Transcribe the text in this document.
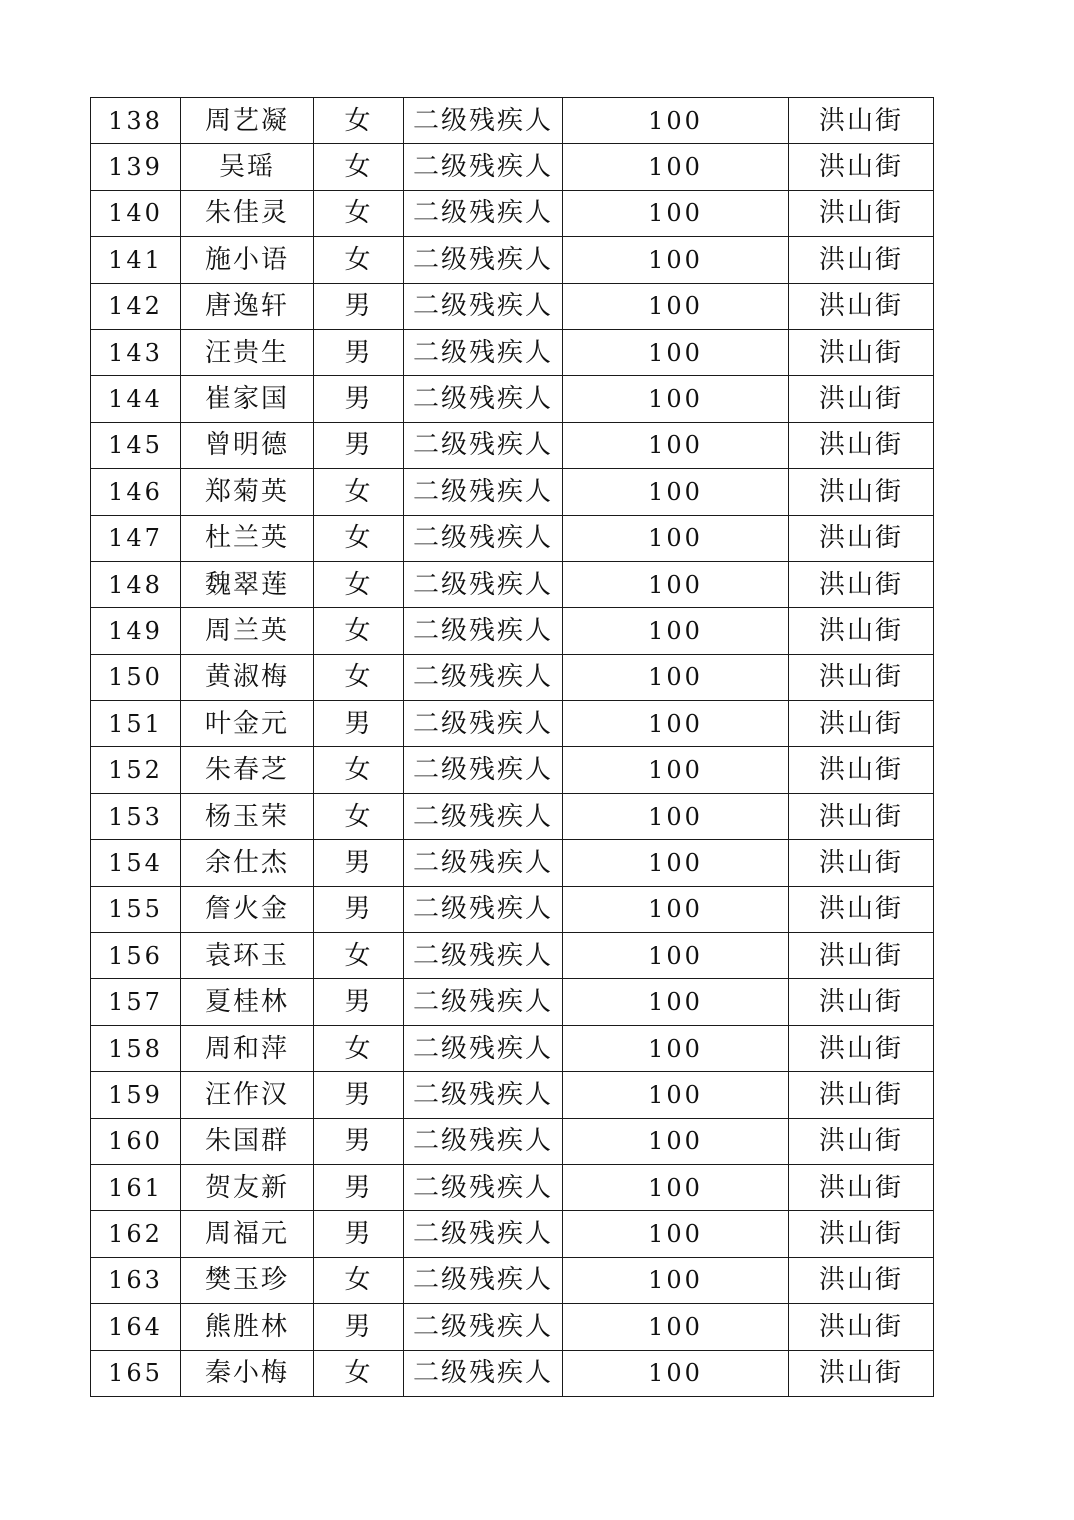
138	周艺凝	女	二级残疾人	100	洪山街
139	吴瑶	女	二级残疾人	100	洪山街
140	朱佳灵	女	二级残疾人	100	洪山街
141	施小语	女	二级残疾人	100	洪山街
142	唐逸轩	男	二级残疾人	100	洪山街
143	汪贵生	男	二级残疾人	100	洪山街
144	崔家国	男	二级残疾人	100	洪山街
145	曾明德	男	二级残疾人	100	洪山街
146	郑菊英	女	二级残疾人	100	洪山街
147	杜兰英	女	二级残疾人	100	洪山街
148	魏翠莲	女	二级残疾人	100	洪山街
149	周兰英	女	二级残疾人	100	洪山街
150	黄淑梅	女	二级残疾人	100	洪山街
151	叶金元	男	二级残疾人	100	洪山街
152	朱春芝	女	二级残疾人	100	洪山街
153	杨玉荣	女	二级残疾人	100	洪山街
154	余仕杰	男	二级残疾人	100	洪山街
155	詹火金	男	二级残疾人	100	洪山街
156	袁环玉	女	二级残疾人	100	洪山街
157	夏桂林	男	二级残疾人	100	洪山街
158	周和萍	女	二级残疾人	100	洪山街
159	汪作汉	男	二级残疾人	100	洪山街
160	朱国群	男	二级残疾人	100	洪山街
161	贺友新	男	二级残疾人	100	洪山街
162	周福元	男	二级残疾人	100	洪山街
163	樊玉珍	女	二级残疾人	100	洪山街
164	熊胜林	男	二级残疾人	100	洪山街
165	秦小梅	女	二级残疾人	100	洪山街
